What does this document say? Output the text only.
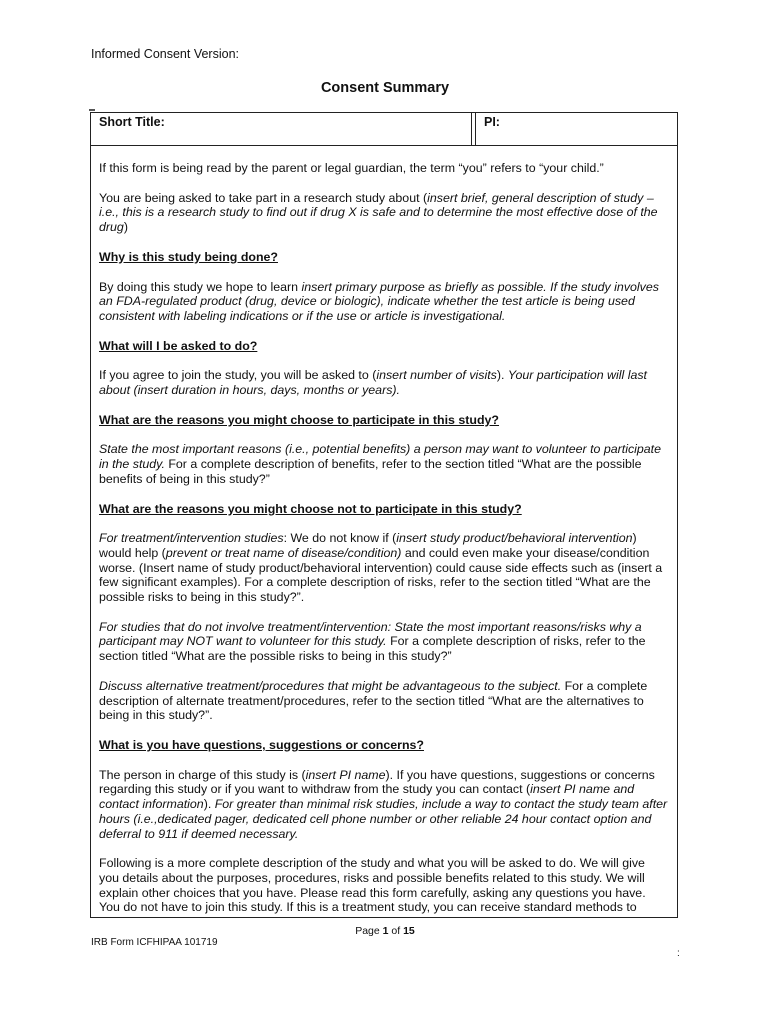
Informed Consent Version:
Consent Summary
Short Title:	PI:

If this form is being read by the parent or legal guardian, the term “you” refers to “your child.”

You are being asked to take part in a research study about (insert brief, general description of study – i.e., this is a research study to find out if drug X is safe and to determine the most effective dose of the drug)

Why is this study being done?

By doing this study we hope to learn insert primary purpose as briefly as possible. If the study involves an FDA-regulated product (drug, device or biologic), indicate whether the test article is being used consistent with labeling indications or if the use or article is investigational.

What will I be asked to do?

If you agree to join the study, you will be asked to (insert number of visits). Your participation will last about (insert duration in hours, days, months or years).

What are the reasons you might choose to participate in this study?

State the most important reasons (i.e., potential benefits) a person may want to volunteer to participate in the study. For a complete description of benefits, refer to the section titled “What are the possible benefits of being in this study?”

What are the reasons you might choose not to participate in this study?

For treatment/intervention studies: We do not know if (insert study product/behavioral intervention) would help (prevent or treat name of disease/condition) and could even make your disease/condition worse. (Insert name of study product/behavioral intervention) could cause side effects such as (insert a few significant examples). For a complete description of risks, refer to the section titled “What are the possible risks to being in this study?”.

For studies that do not involve treatment/intervention: State the most important reasons/risks why a participant may NOT want to volunteer for this study. For a complete description of risks, refer to the section titled “What are the possible risks to being in this study?”

Discuss alternative treatment/procedures that might be advantageous to the subject. For a complete description of alternate treatment/procedures, refer to the section titled “What are the alternatives to being in this study?”.

What is you have questions, suggestions or concerns?

The person in charge of this study is (insert PI name). If you have questions, suggestions or concerns regarding this study or if you want to withdraw from the study you can contact (insert PI name and contact information). For greater than minimal risk studies, include a way to contact the study team after hours (i.e.,dedicated pager, dedicated cell phone number or other reliable 24 hour contact option and deferral to 911 if deemed necessary.

Following is a more complete description of the study and what you will be asked to do. We will give you details about the purposes, procedures, risks and possible benefits related to this study. We will explain other choices that you have. Please read this form carefully, asking any questions you have. You do not have to join this study. If this is a treatment study, you can receive standard methods to

Page 1 of 15
IRB Form ICFHIPAA 101719
:
